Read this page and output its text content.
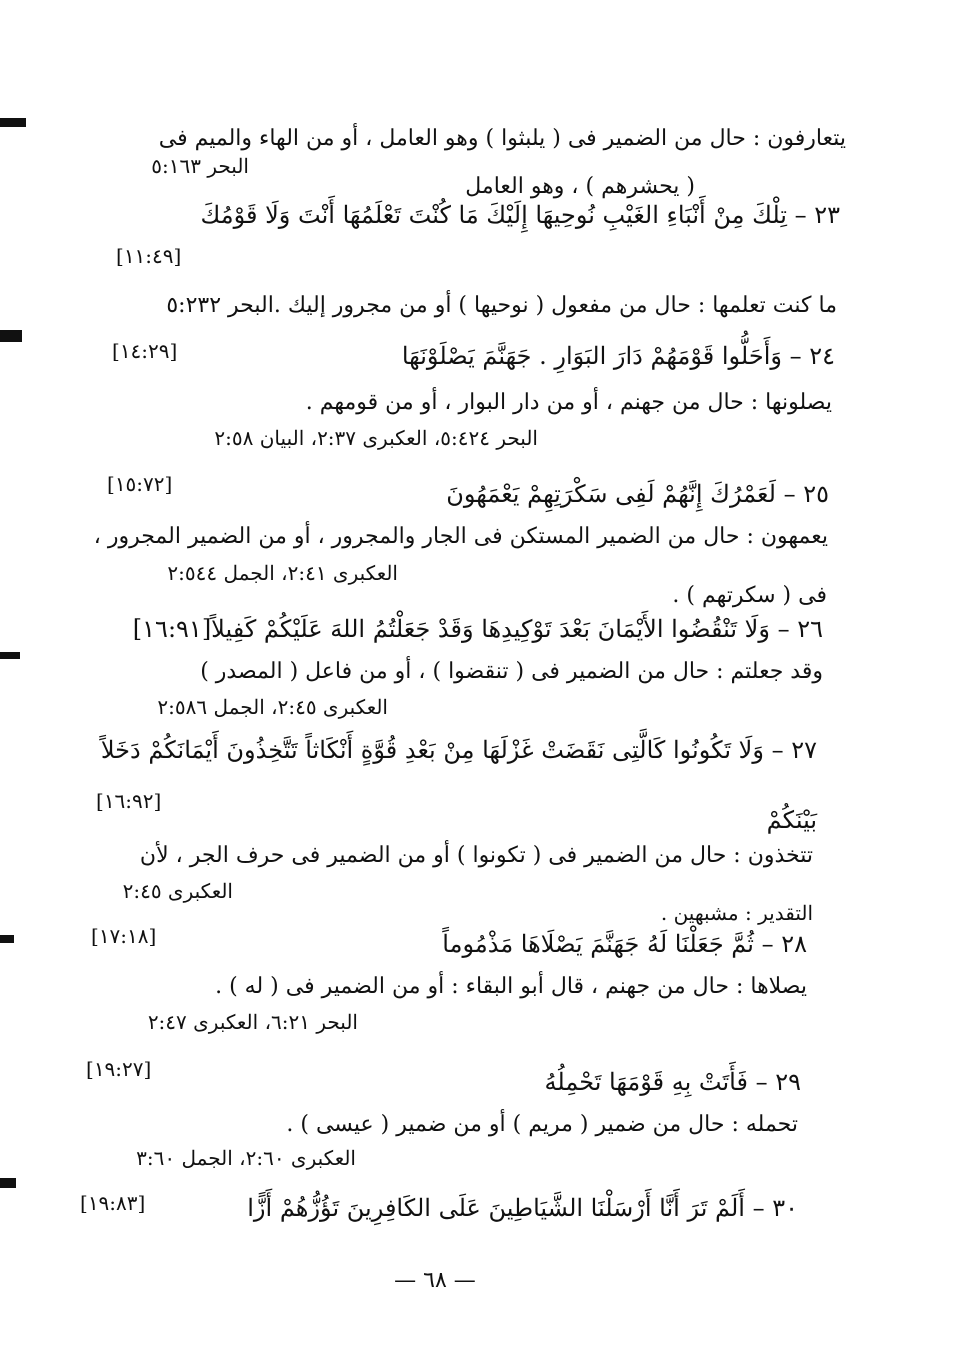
يتعارفون : حال من الضمير فى ( يلبثوا ) وهو العامل ، أو من الهاء والميم فى
البحر ٥:١٦٣
( يحشرهم ) ، وهو العامل
٢٣ – تِلْكَ مِنْ أَنْبَاءِ الغَيْبِ نُوحِيهَا إِلَيْكَ مَا كُنْتَ تَعْلَمُهَا أَنْتَ وَلَا قَوْمُكَ
ما كنت تعلمها : حال من مفعول ( نوحيها ) أو من مجرور إليك .البحر ٥:٢٣٢
٢٤ – وَأَحَلُّوا قَوْمَهُمْ دَارَ البَوَارِ . جَهَنَّمَ يَصْلَوْنَهَا
يصلونها : حال من جهنم ، أو من دار البوار ، أو من قومهم .
البحر ٥:٤٢٤، العكبرى ٢:٣٧، البيان ٢:٥٨
٢٥ – لَعَمْرُكَ إِنَّهُمْ لَفِى سَكْرَتِهِمْ يَعْمَهُونَ
يعمهون : حال من الضمير المستكن فى الجار والمجرور ، أو من الضمير المجرور ،
العكبرى ٢:٤١، الجمل ٢:٥٤٤
فى ( سكرتهم ) .
٢٦ – وَلَا تَنْقُضُوا الأَيْمَانَ بَعْدَ تَوْكِيدِهَا وَقَدْ جَعَلْتُمُ اللهَ عَلَيْكُمْ كَفِيلاً[١٦:٩١]
وقد جعلتم : حال من الضمير فى ( تنقضوا ) ، أو من فاعل ( المصدر )
العكبرى ٢:٤٥، الجمل ٢:٥٨٦
٢٧ – وَلَا تَكُونُوا كَالَّتِى نَقَضَتْ غَزْلَهَا مِنْ بَعْدِ قُوَّةٍ أَنْكَاثاً تَتَّخِذُونَ أَيْمَانَكُمْ دَخَلاً
بَيْنَكُمْ
تتخذون : حال من الضمير فى ( تكونوا ) أو من الضمير فى حرف الجر ، لأن
العكبرى ٢:٤٥
التقدير : مشبهين .
٢٨ – ثُمَّ جَعَلْنَا لَهُ جَهَنَّمَ يَصْلَاهَا مَذْمُوماً
يصلاها : حال من جهنم ، قال أبو البقاء : أو من الضمير فى ( له ) .
البحر ٦:٢١، العكبرى ٢:٤٧
٢٩ – فَأَتَتْ بِهِ قَوْمَهَا تَحْمِلُهُ
تحمله : حال من ضمير ( مريم ) أو من ضمير ( عيسى ) .
العكبرى ٢:٦٠، الجمل ٣:٦٠
٣٠ – أَلَمْ تَرَ أَنَّا أَرْسَلْنَا الشَّيَاطِينَ عَلَى الكَافِرِينَ تَؤُزُّهُمْ أَزًّا
[١١:٤٩]
[١٤:٢٩]
[١٥:٧٢]
[١٦:٩٢]
[١٧:١٨]
[١٩:٢٧]
[١٩:٨٣]
— ٦٨ —
